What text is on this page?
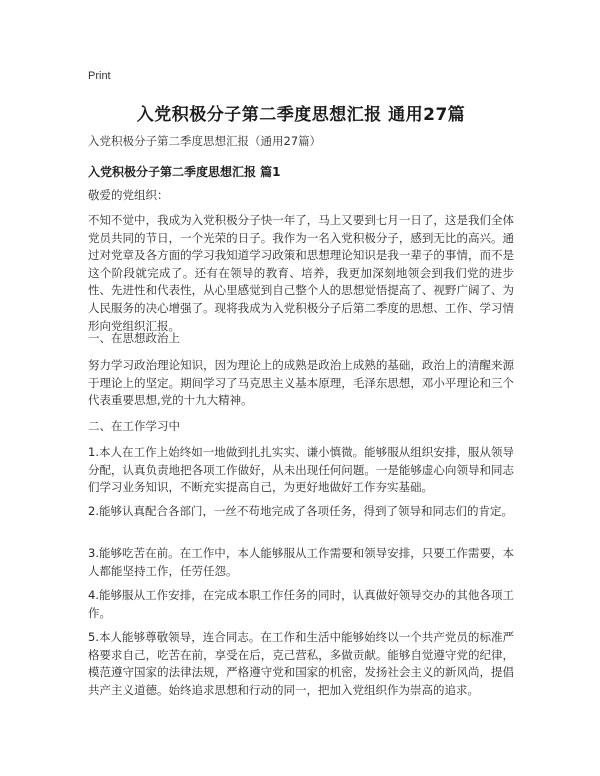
Print
入党积极分子第二季度思想汇报 通用27篇
入党积极分子第二季度思想汇报（通用27篇）
入党积极分子第二季度思想汇报 篇1
敬爱的党组织：
不知不觉中，我成为入党积极分子快一年了，马上又要到七月一日了，这是我们全体党员共同的节日，一个光荣的日子。我作为一名入党积极分子，感到无比的高兴。通过对党章及各方面的学习我知道学习政策和思想理论知识是我一辈子的事情，而不是这个阶段就完成了。还有在领导的教育、培养，我更加深刻地领会到我们党的进步性、先进性和代表性，从心里感觉到自己整个人的思想觉悟提高了、视野广阔了、为人民服务的决心增强了。现将我成为入党积极分子后第二季度的思想、工作、学习情形向党组织汇报。
一、在思想政治上
努力学习政治理论知识，因为理论上的成熟是政治上成熟的基础，政治上的清醒来源于理论上的坚定。期间学习了马克思主义基本原理，毛泽东思想，邓小平理论和三个代表重要思想,党的十九大精神。
二、在工作学习中
1.本人在工作上始终如一地做到扎扎实实、谦小慎微。能够服从组织安排，服从领导分配，认真负责地把各项工作做好，从未出现任何问题。一是能够虚心向领导和同志们学习业务知识，不断充实提高自己，为更好地做好工作夯实基础。
2.能够认真配合各部门，一丝不苟地完成了各项任务，得到了领导和同志们的肯定。
3.能够吃苦在前。在工作中，本人能够服从工作需要和领导安排，只要工作需要，本人都能坚持工作，任劳任怨。
4.能够服从工作安排，在完成本职工作任务的同时，认真做好领导交办的其他各项工作。
5.本人能够尊敬领导，连合同志。在工作和生活中能够始终以一个共产党员的标准严格要求自己，吃苦在前，享受在后，克己营私，多做贡献。能够自觉遵守党的纪律，模范遵守国家的法律法规，严格遵守党和国家的机密，发扬社会主义的新风尚，提倡共产主义道德。始终追求思想和行动的同一，把加入党组织作为崇高的追求。
